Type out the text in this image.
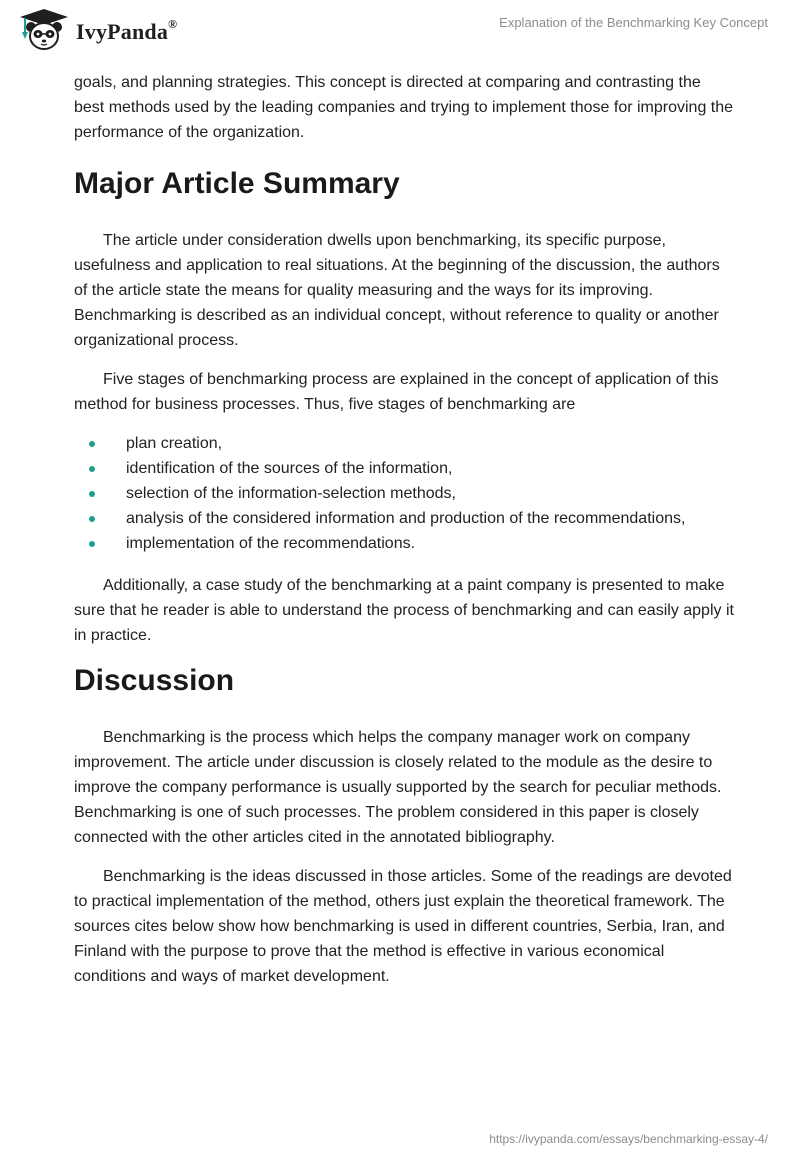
IvyPanda®	Explanation of the Benchmarking Key Concept

goals, and planning strategies. This concept is directed at comparing and contrasting the best methods used by the leading companies and trying to implement those for improving the performance of the organization.

Major Article Summary

The article under consideration dwells upon benchmarking, its specific purpose, usefulness and application to real situations. At the beginning of the discussion, the authors of the article state the means for quality measuring and the ways for its improving. Benchmarking is described as an individual concept, without reference to quality or another organizational process.

Five stages of benchmarking process are explained in the concept of application of this method for business processes. Thus, five stages of benchmarking are

plan creation,
identification of the sources of the information,
selection of the information-selection methods,
analysis of the considered information and production of the recommendations,
implementation of the recommendations.

Additionally, a case study of the benchmarking at a paint company is presented to make sure that he reader is able to understand the process of benchmarking and can easily apply it in practice.

Discussion

Benchmarking is the process which helps the company manager work on company improvement. The article under discussion is closely related to the module as the desire to improve the company performance is usually supported by the search for peculiar methods. Benchmarking is one of such processes. The problem considered in this paper is closely connected with the other articles cited in the annotated bibliography.

Benchmarking is the ideas discussed in those articles. Some of the readings are devoted to practical implementation of the method, others just explain the theoretical framework. The sources cites below show how benchmarking is used in different countries, Serbia, Iran, and Finland with the purpose to prove that the method is effective in various economical conditions and ways of market development.

https://ivypanda.com/essays/benchmarking-essay-4/
